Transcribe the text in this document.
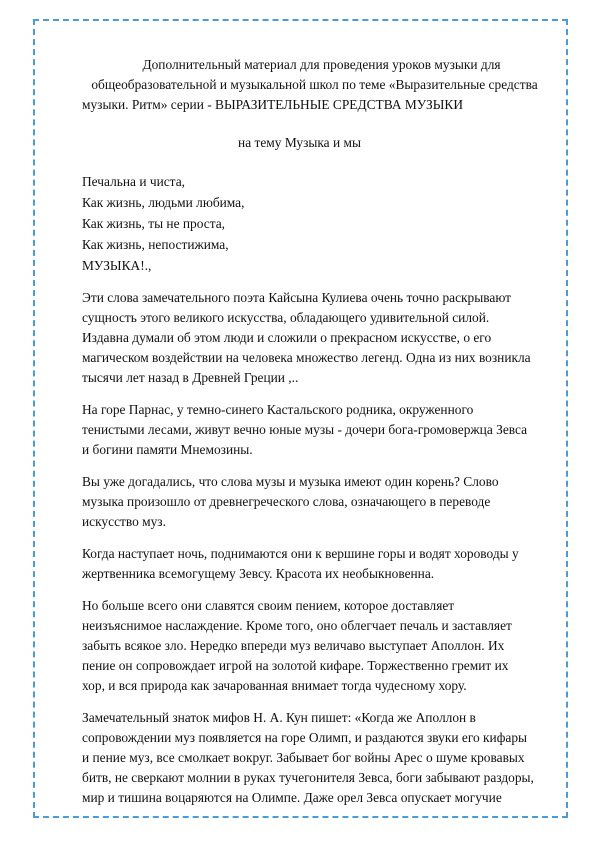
Дополнительный материал для проведения уроков музыки для
общеобразовательной и музыкальной школ по теме «Выразительные средства
музыки. Ритм» серии - ВЫРАЗИТЕЛЬНЫЕ СРЕДСТВА МУЗЫКИ

на тему Музыка и мы

Печальна и чиста,
Как жизнь, людьми любима,
Как жизнь, ты не проста,
Как жизнь, непостижима,
МУЗЫКА!.,

Эти слова замечательного поэта Кайсына Кулиева очень точно раскрывают
сущность этого великого искусства, обладающего удивительной силой.
Издавна думали об этом люди и сложили о прекрасном искусстве, о его
магическом воздействии на человека множество легенд. Одна из них возникла
тысячи лет назад в Древней Греции ,..

На горе Парнас, у темно-синего Кастальского родника, окруженного
тенистыми лесами, живут вечно юные музы - дочери бога-громовержца Зевса
и богини памяти Мнемозины.

Вы уже догадались, что слова музы и музыка имеют один корень? Слово
музыка произошло от древнегреческого слова, означающего в переводе
искусство муз.

Когда наступает ночь, поднимаются они к вершине горы и водят хороводы у
жертвенника всемогущему Зевсу. Красота их необыкновенна.

Но больше всего они славятся своим пением, которое доставляет
неизъяснимое наслаждение. Кроме того, оно облегчает печаль и заставляет
забыть всякое зло. Нередко впереди муз величаво выступает Аполлон. Их
пение он сопровождает игрой на золотой кифаре. Торжественно гремит их
хор, и вся природа как зачарованная внимает тогда чудесному хору.

Замечательный знаток мифов Н. А. Кун пишет: «Когда же Аполлон в
сопровождении муз появляется на горе Олимп, и раздаются звуки его кифары
и пение муз, все смолкает вокруг. Забывает бог войны Арес о шуме кровавых
битв, не сверкают молнии в руках тучегонителя Зевса, боги забывают раздоры,
мир и тишина воцаряются на Олимпе. Даже орел Зевса опускает могучие
